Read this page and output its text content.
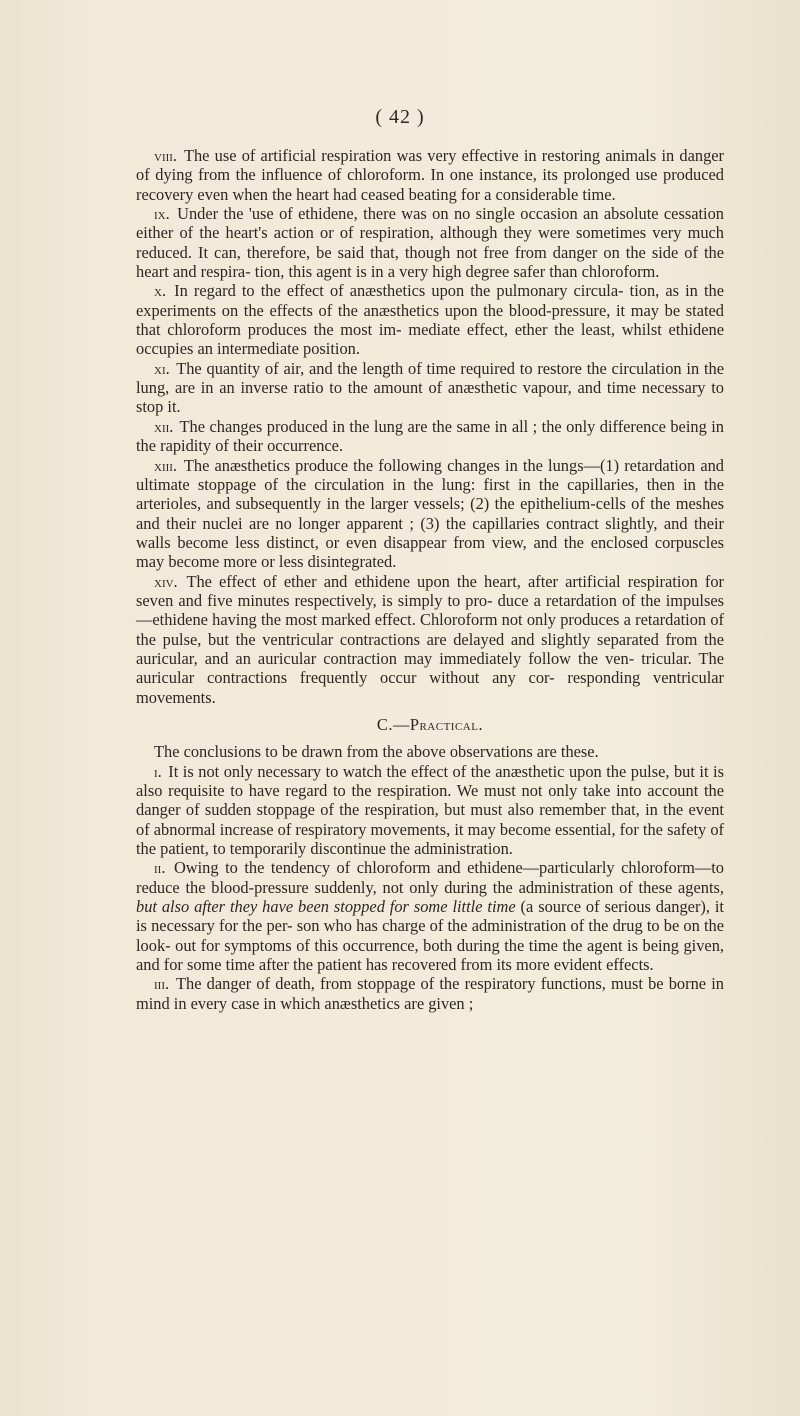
( 42 )

viii. The use of artificial respiration was very effective in restoring animals in danger of dying from the influence of chloroform. In one instance, its prolonged use produced recovery even when the heart had ceased beating for a considerable time.

ix. Under the 'use of ethidene, there was on no single occasion an absolute cessation either of the heart's action or of respiration, although they were sometimes very much reduced. It can, therefore, be said that, though not free from danger on the side of the heart and respira- tion, this agent is in a very high degree safer than chloroform.

x. In regard to the effect of anæsthetics upon the pulmonary circula- tion, as in the experiments on the effects of the anæsthetics upon the blood-pressure, it may be stated that chloroform produces the most im- mediate effect, ether the least, whilst ethidene occupies an intermediate position.

xi. The quantity of air, and the length of time required to restore the circulation in the lung, are in an inverse ratio to the amount of anæsthetic vapour, and time necessary to stop it.

xii. The changes produced in the lung are the same in all ; the only difference being in the rapidity of their occurrence.

xiii. The anæsthetics produce the following changes in the lungs—(1) retardation and ultimate stoppage of the circulation in the lung: first in the capillaries, then in the arterioles, and subsequently in the larger vessels; (2) the epithelium-cells of the meshes and their nuclei are no longer apparent ; (3) the capillaries contract slightly, and their walls become less distinct, or even disappear from view, and the enclosed corpuscles may become more or less disintegrated.

xiv. The effect of ether and ethidene upon the heart, after artificial respiration for seven and five minutes respectively, is simply to pro- duce a retardation of the impulses—ethidene having the most marked effect. Chloroform not only produces a retardation of the pulse, but the ventricular contractions are delayed and slightly separated from the auricular, and an auricular contraction may immediately follow the ven- tricular. The auricular contractions frequently occur without any cor- responding ventricular movements.

C.—Practical.

The conclusions to be drawn from the above observations are these.

i. It is not only necessary to watch the effect of the anæsthetic upon the pulse, but it is also requisite to have regard to the respiration. We must not only take into account the danger of sudden stoppage of the respiration, but must also remember that, in the event of abnormal increase of respiratory movements, it may become essential, for the safety of the patient, to temporarily discontinue the administration.

ii. Owing to the tendency of chloroform and ethidene—particularly chloroform—to reduce the blood-pressure suddenly, not only during the administration of these agents, but also after they have been stopped for some little time (a source of serious danger), it is necessary for the per- son who has charge of the administration of the drug to be on the look- out for symptoms of this occurrence, both during the time the agent is being given, and for some time after the patient has recovered from its more evident effects.

iii. The danger of death, from stoppage of the respiratory functions, must be borne in mind in every case in which anæsthetics are given ;
